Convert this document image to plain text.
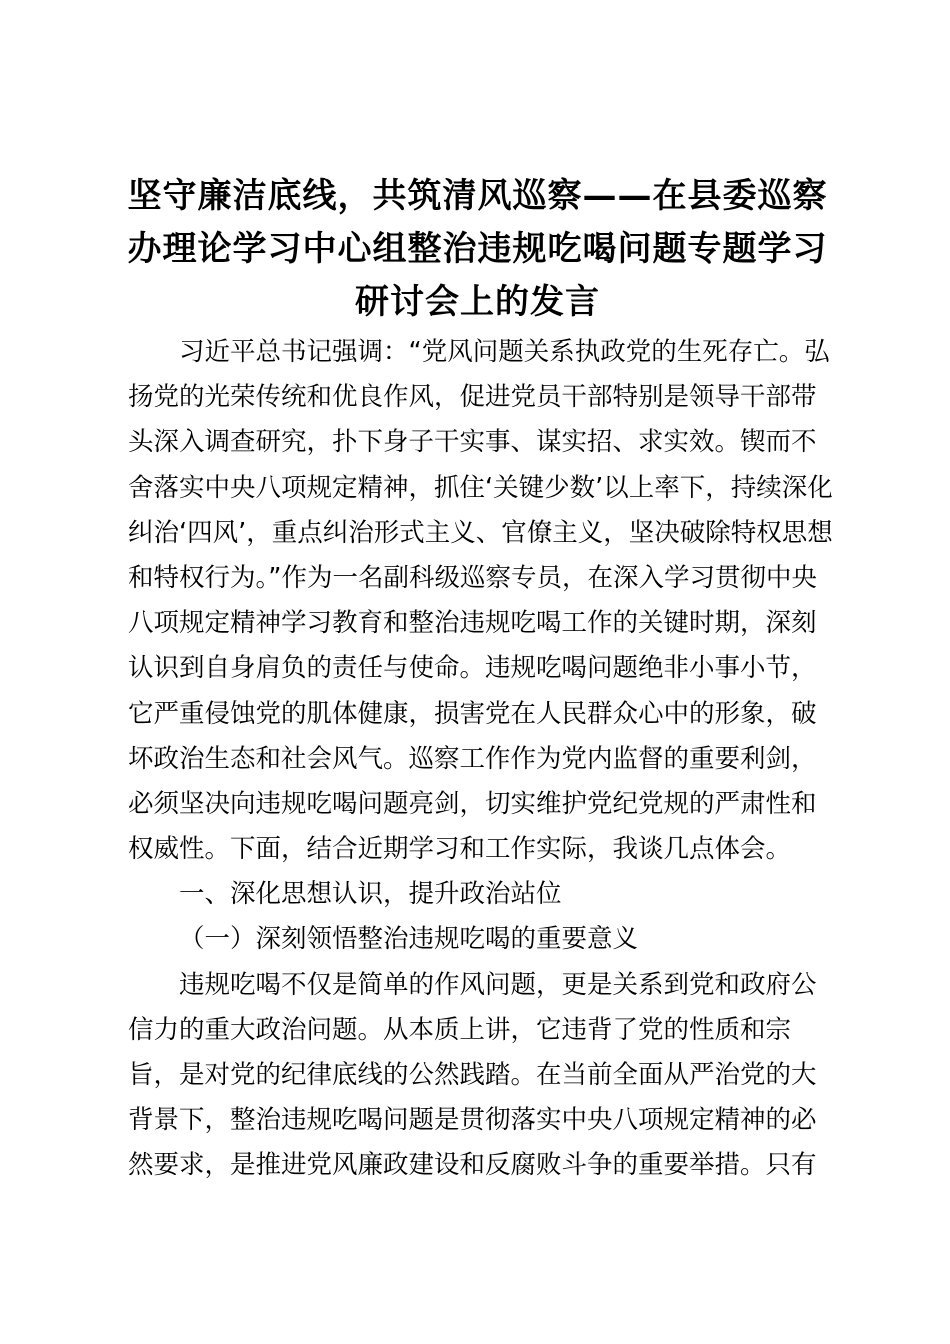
坚守廉洁底线，共筑清风巡察——在县委巡察
办理论学习中心组整治违规吃喝问题专题学习
研讨会上的发言
习近平总书记强调：“党风问题关系执政党的生死存亡。弘
扬党的光荣传统和优良作风，促进党员干部特别是领导干部带
头深入调查研究，扑下身子干实事、谋实招、求实效。锲而不
舍落实中央八项规定精神，抓住‘关键少数’以上率下，持续深化
纠治‘四风’，重点纠治形式主义、官僚主义，坚决破除特权思想
和特权行为。”作为一名副科级巡察专员，在深入学习贯彻中央
八项规定精神学习教育和整治违规吃喝工作的关键时期，深刻
认识到自身肩负的责任与使命。违规吃喝问题绝非小事小节，
它严重侵蚀党的肌体健康，损害党在人民群众心中的形象，破
坏政治生态和社会风气。巡察工作作为党内监督的重要利剑，
必须坚决向违规吃喝问题亮剑，切实维护党纪党规的严肃性和
权威性。下面，结合近期学习和工作实际，我谈几点体会。
一、深化思想认识，提升政治站位
（一）深刻领悟整治违规吃喝的重要意义
违规吃喝不仅是简单的作风问题，更是关系到党和政府公
信力的重大政治问题。从本质上讲，它违背了党的性质和宗
旨，是对党的纪律底线的公然践踏。在当前全面从严治党的大
背景下，整治违规吃喝问题是贯彻落实中央八项规定精神的必
然要求，是推进党风廉政建设和反腐败斗争的重要举措。只有
